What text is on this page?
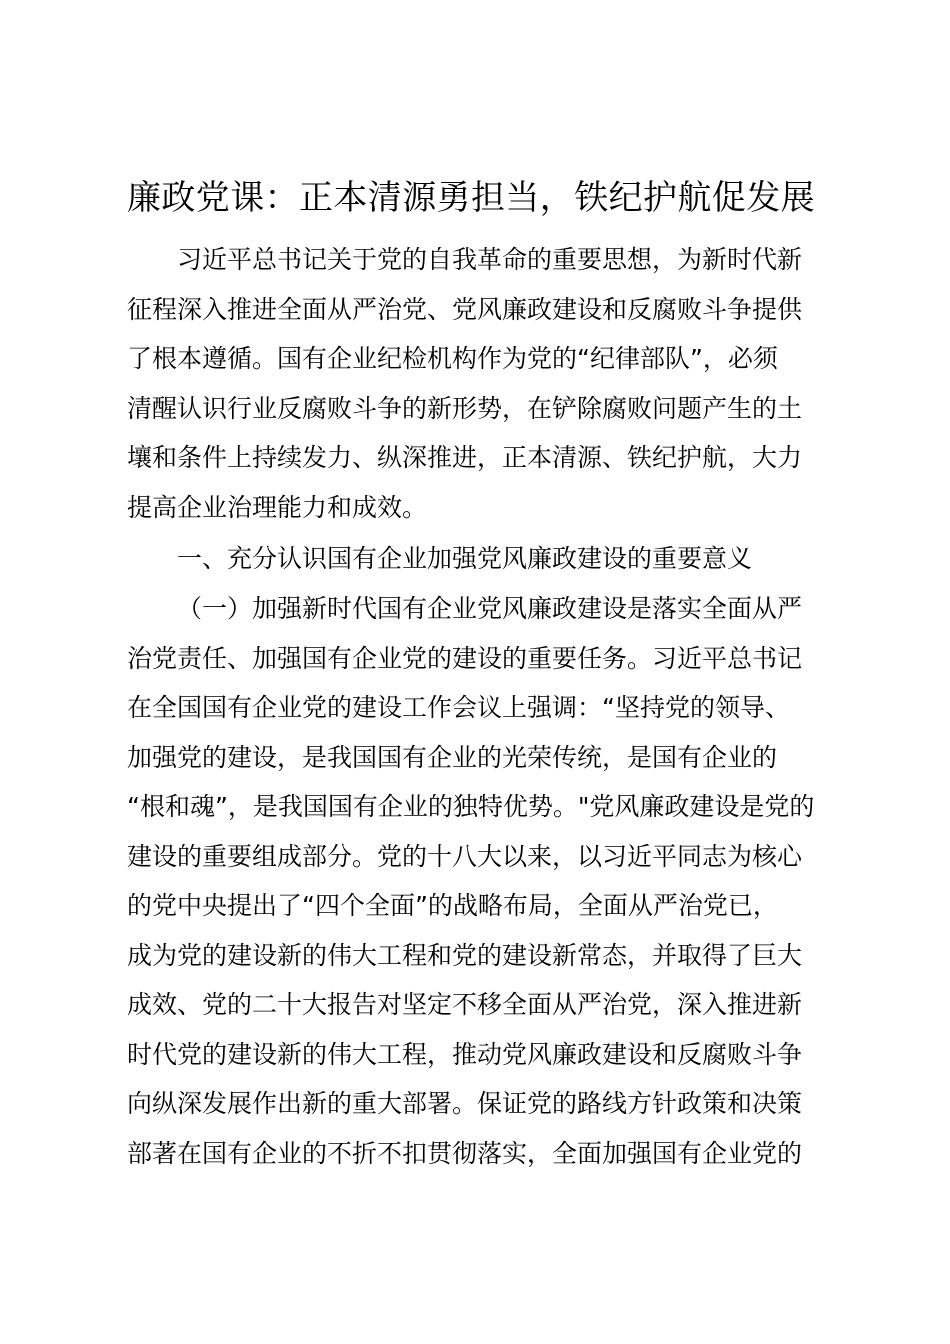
廉政党课：正本清源勇担当，铁纪护航促发展
习近平总书记关于党的自我革命的重要思想，为新时代新
征程深入推进全面从严治党、党风廉政建设和反腐败斗争提供
了根本遵循。国有企业纪检机构作为党的“纪律部队”，必须
清醒认识行业反腐败斗争的新形势，在铲除腐败问题产生的土
壤和条件上持续发力、纵深推进，正本清源、铁纪护航，大力
提高企业治理能力和成效。
一、充分认识国有企业加强党风廉政建设的重要意义
（一）加强新时代国有企业党风廉政建设是落实全面从严
治党责任、加强国有企业党的建设的重要任务。习近平总书记
在全国国有企业党的建设工作会议上强调：“坚持党的领导、
加强党的建设，是我国国有企业的光荣传统，是国有企业的
“根和魂”，是我国国有企业的独特优势。"党风廉政建设是党的
建设的重要组成部分。党的十八大以来，以习近平同志为核心
的党中央提出了“四个全面”的战略布局，全面从严治党已，
成为党的建设新的伟大工程和党的建设新常态，并取得了巨大
成效、党的二十大报告对坚定不移全面从严治党，深入推进新
时代党的建设新的伟大工程，推动党风廉政建设和反腐败斗争
向纵深发展作出新的重大部署。保证党的路线方针政策和决策
部著在国有企业的不折不扣贯彻落实，全面加强国有企业党的
